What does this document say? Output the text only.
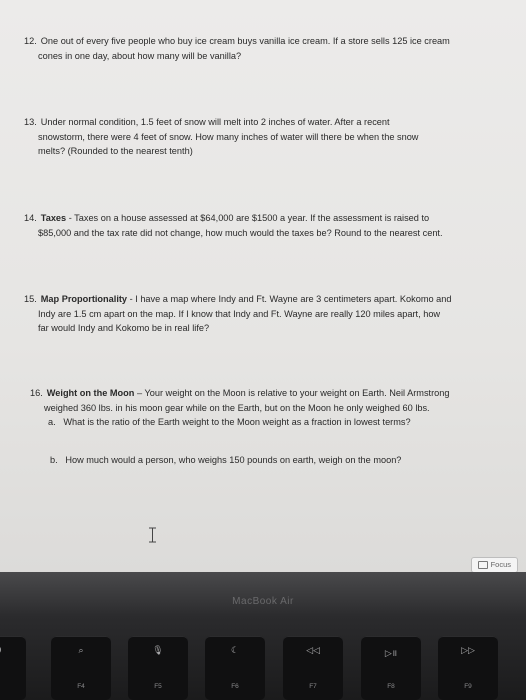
12. One out of every five people who buy ice cream buys vanilla ice cream. If a store sells 125 ice cream
cones in one day, about how many will be vanilla?
13. Under normal condition, 1.5 feet of snow will melt into 2 inches of water. After a recent
snowstorm, there were 4 feet of snow. How many inches of water will there be when the snow
melts? (Rounded to the nearest tenth)
14. Taxes - Taxes on a house assessed at $64,000 are $1500 a year. If the assessment is raised to
$85,000 and the tax rate did not change, how much would the taxes be? Round to the nearest cent.
15. Map Proportionality - I have a map where Indy and Ft. Wayne are 3 centimeters apart. Kokomo and
Indy are 1.5 cm apart on the map. If I know that Indy and Ft. Wayne are really 120 miles apart, how
far would Indy and Kokomo be in real life?
16. Weight on the Moon – Your weight on the Moon is relative to your weight on Earth. Neil Armstrong
weighed 360 lbs. in his moon gear while on the Earth, but on the Moon he only weighed 60 lbs.
a. What is the ratio of the Earth weight to the Moon weight as a fraction in lowest terms?
b. How much would a person, who weighs 150 pounds on earth, weigh on the moon?
Focus
MacBook Air
⌕
F4
🎙
F5
☾
F6
◁◁
F7
▷॥
F8
▷▷
F9
